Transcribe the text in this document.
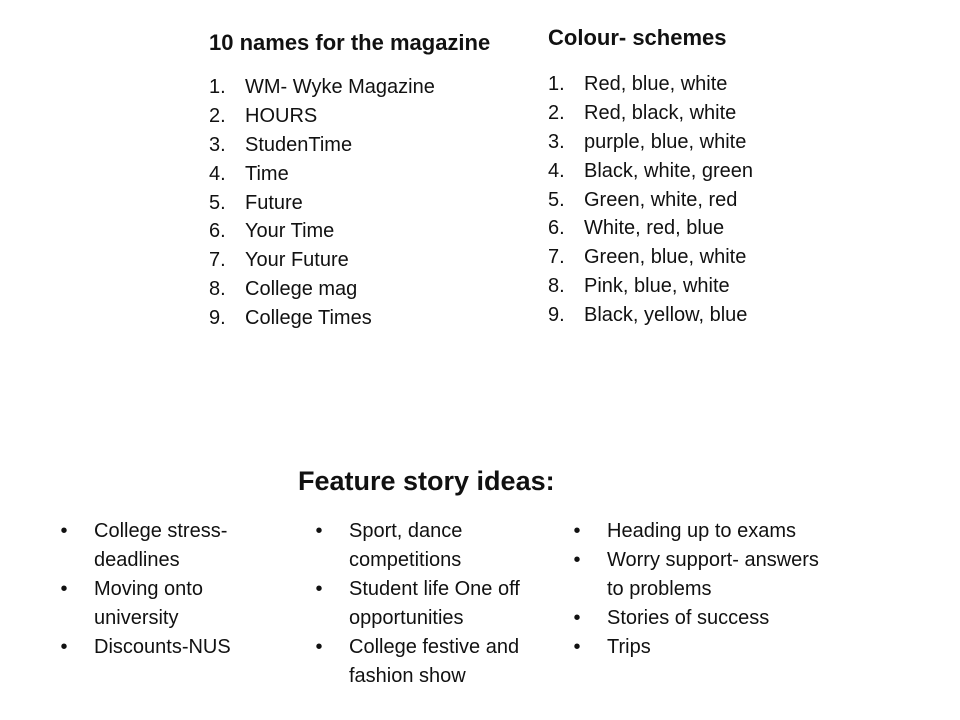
10 names for the magazine
1. WM- Wyke Magazine
2. HOURS
3. StudenTime
4. Time
5. Future
6. Your Time
7. Your Future
8. College mag
9. College Times
Colour- schemes
1. Red, blue, white
2. Red, black, white
3. purple, blue, white
4. Black, white, green
5. Green, white, red
6. White, red, blue
7. Green, blue, white
8. Pink, blue, white
9. Black, yellow, blue
Feature story ideas:
• College stress-deadlines
• Moving onto university
• Discounts-NUS
• Sport, dance competitions
• Student life One off opportunities
• College festive and fashion show
• Heading up to exams
• Worry support- answers to problems
• Stories of success
• Trips
